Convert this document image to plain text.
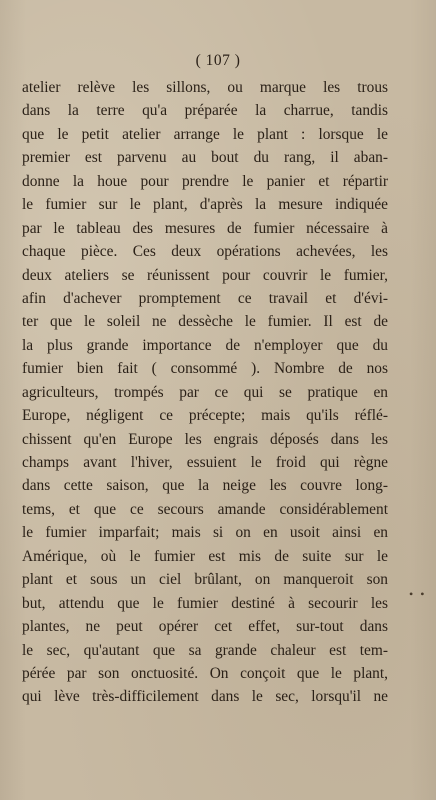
( 107 )
atelier relève les sillons, ou marque les trous
dans la terre qu'a préparée la charrue, tandis
que le petit atelier arrange le plant : lorsque le
premier est parvenu au bout du rang, il aban-
donne la houe pour prendre le panier et répartir
le fumier sur le plant, d'après la mesure indiquée
par le tableau des mesures de fumier nécessaire à
chaque pièce. Ces deux opérations achevées, les
deux ateliers se réunissent pour couvrir le fumier,
afin d'achever promptement ce travail et d'évi-
ter que le soleil ne dessèche le fumier. Il est de
la plus grande importance de n'employer que du
fumier bien fait ( consommé ). Nombre de nos
agriculteurs, trompés par ce qui se pratique en
Europe, négligent ce précepte; mais qu'ils réflé-
chissent qu'en Europe les engrais déposés dans les
champs avant l'hiver, essuient le froid qui règne
dans cette saison, que la neige les couvre long-
tems, et que ce secours amande considérablement
le fumier imparfait; mais si on en usoit ainsi en
Amérique, où le fumier est mis de suite sur le
plant et sous un ciel brûlant, on manqueroit son
but, attendu que le fumier destiné à secourir les
plantes, ne peut opérer cet effet, sur-tout dans
le sec, qu'autant que sa grande chaleur est tem-
pérée par son onctuosité. On conçoit que le plant,
qui lève très-difficilement dans le sec, lorsqu'il ne
• •
